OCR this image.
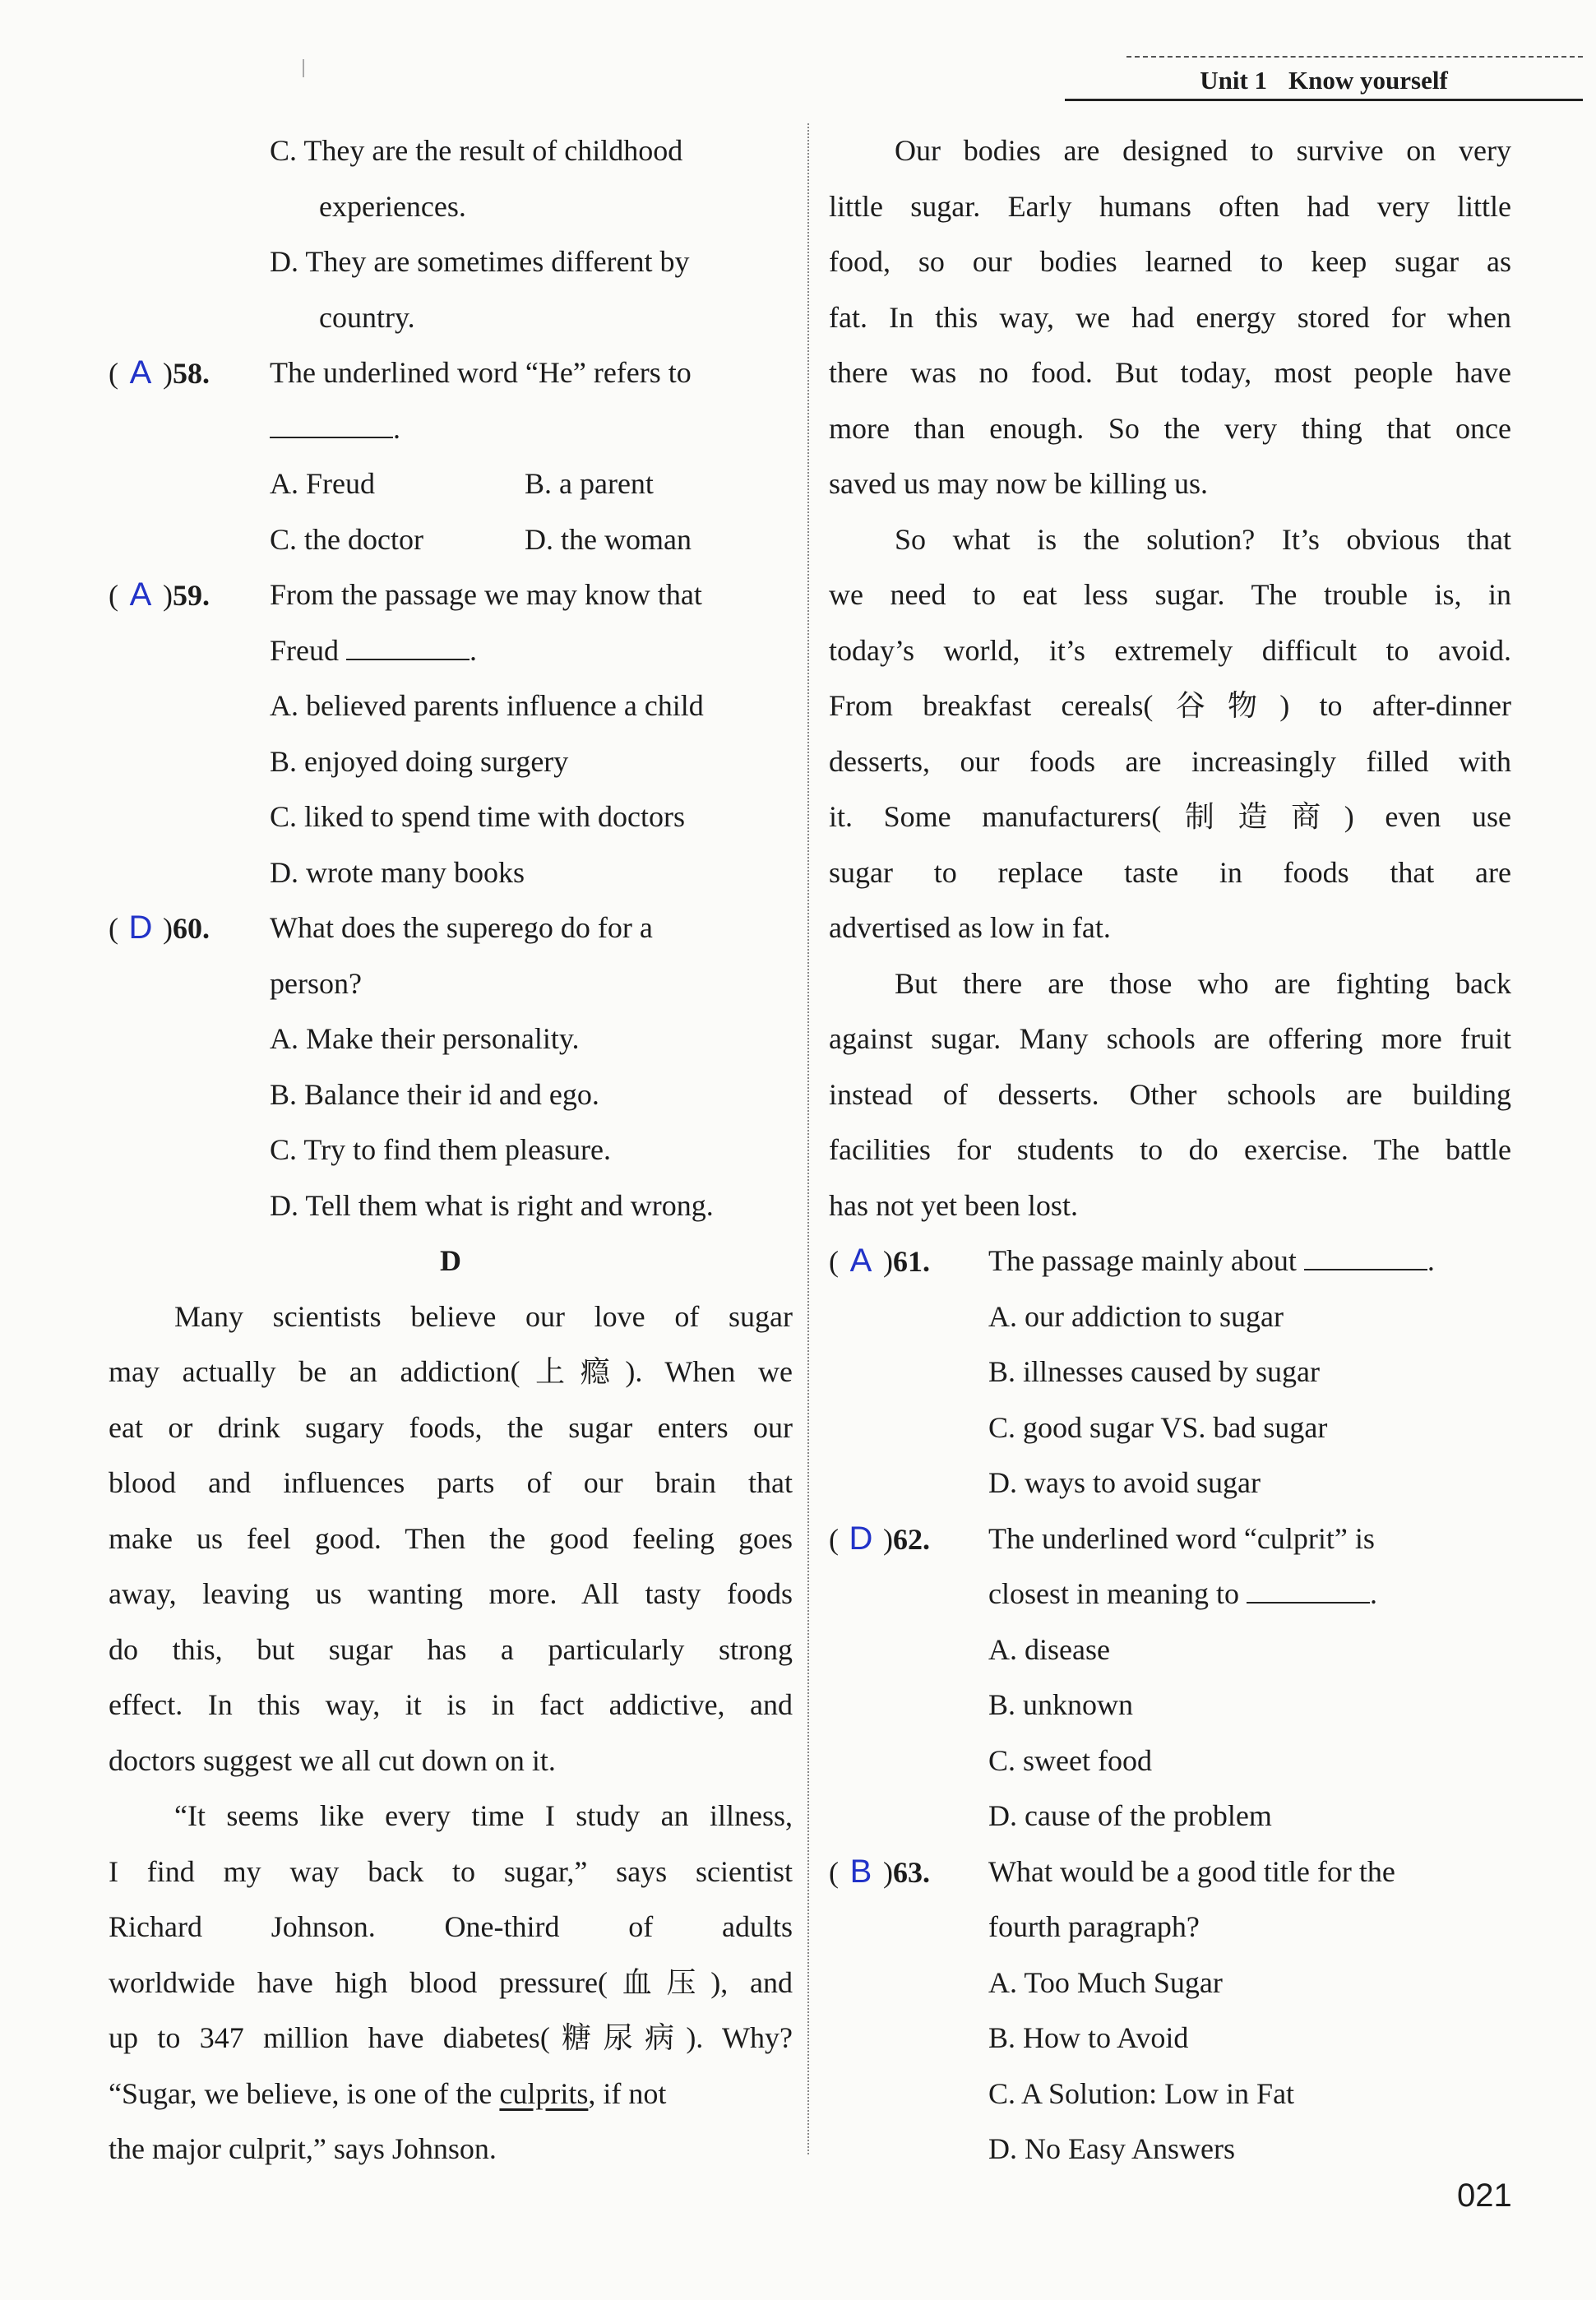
Unit 1 Know yourself
C. They are the result of childhood
experiences.
D. They are sometimes different by
country.
( A )58. The underlined word “He” refers to
.
A. Freud	B. a parent
C. the doctor	D. the woman
( A )59. From the passage we may know that
Freud	.
A. believed parents influence a child
B. enjoyed doing surgery
C. liked to spend time with doctors
D. wrote many books
( D )60. What does the superego do for a
person?
A. Make their personality.
B. Balance their id and ego.
C. Try to find them pleasure.
D. Tell them what is right and wrong.
D
Many scientists believe our love of sugar
may actually be an addiction(上瘾). When we
eat or drink sugary foods, the sugar enters our
blood and influences parts of our brain that
make us feel good. Then the good feeling goes
away, leaving us wanting more. All tasty foods
do this, but sugar has a particularly strong
effect. In this way, it is in fact addictive, and
doctors suggest we all cut down on it.
“It seems like every time I study an illness,
I find my way back to sugar,” says scientist
Richard Johnson. One-third of adults
worldwide have high blood pressure(血压), and
up to 347 million have diabetes(糖尿病). Why?
“Sugar, we believe, is one of the culprits, if not
the major culprit,” says Johnson.
Our bodies are designed to survive on very
little sugar. Early humans often had very little
food, so our bodies learned to keep sugar as
fat. In this way, we had energy stored for when
there was no food. But today, most people have
more than enough. So the very thing that once
saved us may now be killing us.
So what is the solution? It’s obvious that
we need to eat less sugar. The trouble is, in
today’s world, it’s extremely difficult to avoid.
From breakfast cereals(谷物) to after-dinner
desserts, our foods are increasingly filled with
it. Some manufacturers(制造商) even use
sugar to replace taste in foods that are
advertised as low in fat.
But there are those who are fighting back
against sugar. Many schools are offering more fruit
instead of desserts. Other schools are building
facilities for students to do exercise. The battle
has not yet been lost.
( A )61. The passage mainly about	.
A. our addiction to sugar
B. illnesses caused by sugar
C. good sugar VS. bad sugar
D. ways to avoid sugar
( D )62. The underlined word “culprit” is
closest in meaning to	.
A. disease
B. unknown
C. sweet food
D. cause of the problem
( B )63. What would be a good title for the
fourth paragraph?
A. Too Much Sugar
B. How to Avoid
C. A Solution: Low in Fat
D. No Easy Answers
021
